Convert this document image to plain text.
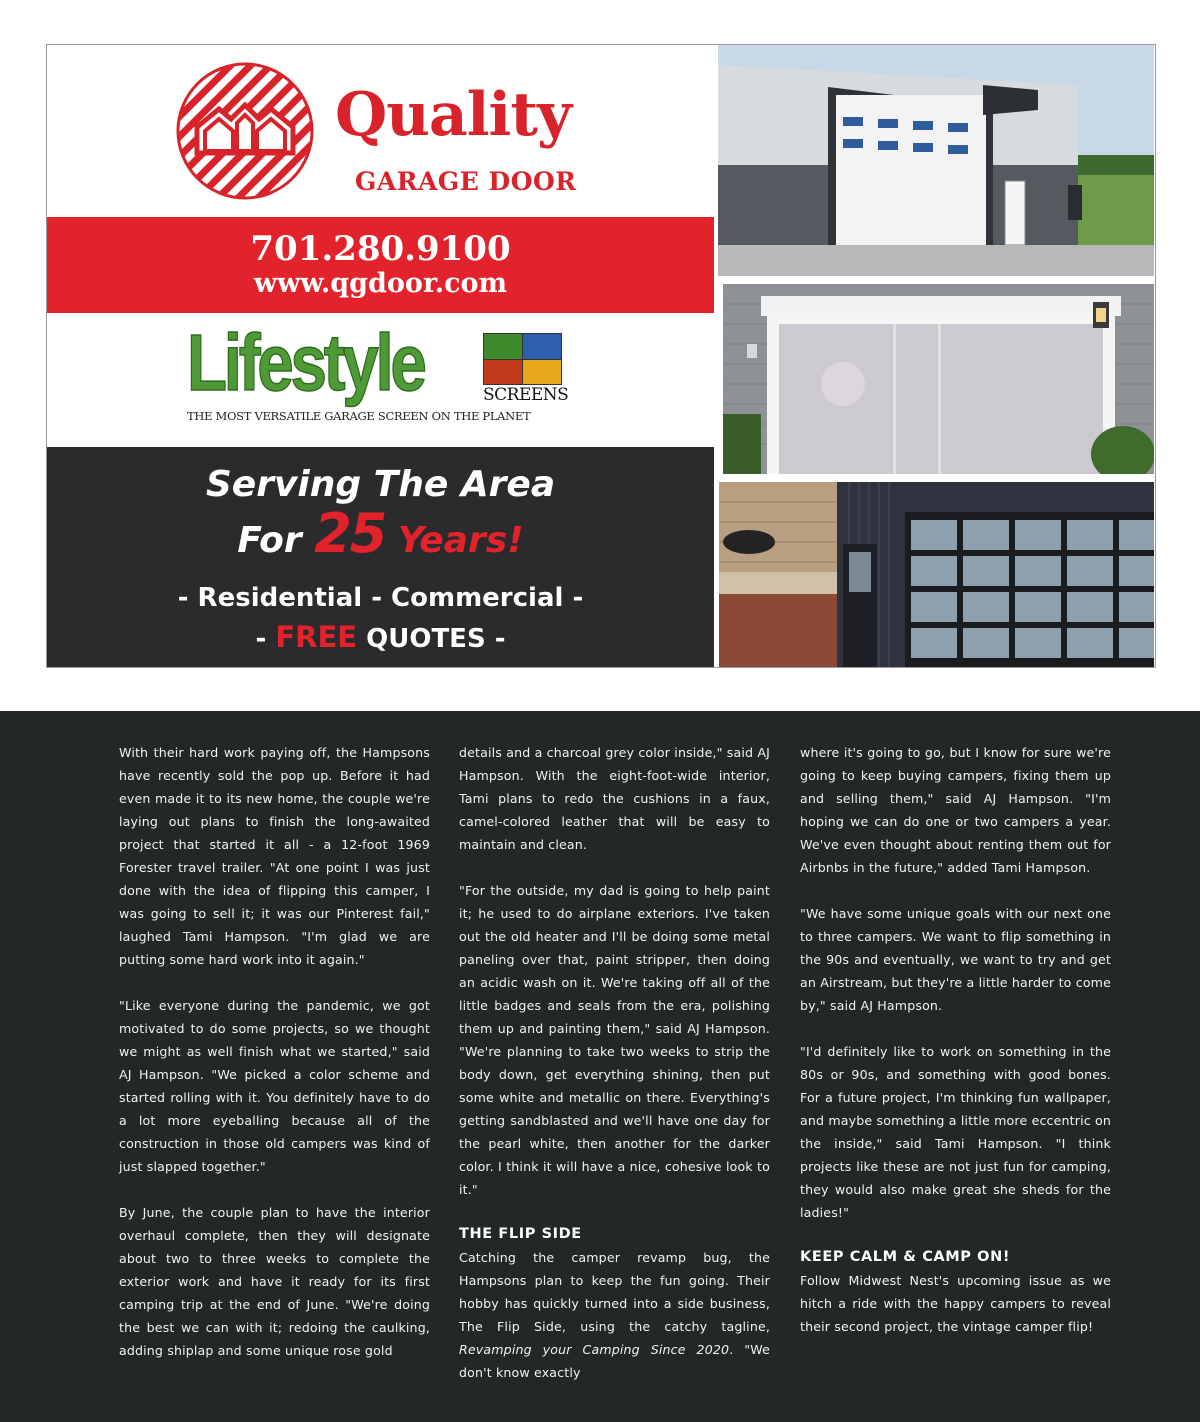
Quality
GARAGE DOOR
701.280.9100
www.qgdoor.com
Lifestyle	SCREENS
THE MOST VERSATILE GARAGE SCREEN ON THE PLANET
Serving The Area
For 25 Years!
- Residential - Commercial -
- FREE QUOTES -

With their hard work paying off, the Hampsons have recently sold the pop up. Before it had even made it to its new home, the couple we're laying out plans to finish the long-awaited project that started it all - a 12-foot 1969 Forester travel trailer. "At one point I was just done with the idea of flipping this camper, I was going to sell it; it was our Pinterest fail," laughed Tami Hampson. "I'm glad we are putting some hard work into it again."

"Like everyone during the pandemic, we got motivated to do some projects, so we thought we might as well finish what we started," said AJ Hampson. "We picked a color scheme and started rolling with it. You definitely have to do a lot more eyeballing because all of the construction in those old campers was kind of just slapped together."

By June, the couple plan to have the interior overhaul complete, then they will designate about two to three weeks to complete the exterior work and have it ready for its first camping trip at the end of June. "We're doing the best we can with it; redoing the caulking, adding shiplap and some unique rose gold

details and a charcoal grey color inside," said AJ Hampson. With the eight-foot-wide interior, Tami plans to redo the cushions in a faux, camel-colored leather that will be easy to maintain and clean.

"For the outside, my dad is going to help paint it; he used to do airplane exteriors. I've taken out the old heater and I'll be doing some metal paneling over that, paint stripper, then doing an acidic wash on it. We're taking off all of the little badges and seals from the era, polishing them up and painting them," said AJ Hampson. "We're planning to take two weeks to strip the body down, get everything shining, then put some white and metallic on there. Everything's getting sandblasted and we'll have one day for the pearl white, then another for the darker color. I think it will have a nice, cohesive look to it."

THE FLIP SIDE

Catching the camper revamp bug, the Hampsons plan to keep the fun going. Their hobby has quickly turned into a side business, The Flip Side, using the catchy tagline, Revamping your Camping Since 2020. "We don't know exactly

where it's going to go, but I know for sure we're going to keep buying campers, fixing them up and selling them," said AJ Hampson. "I'm hoping we can do one or two campers a year. We've even thought about renting them out for Airbnbs in the future," added Tami Hampson.

"We have some unique goals with our next one to three campers. We want to flip something in the 90s and eventually, we want to try and get an Airstream, but they're a little harder to come by," said AJ Hampson.

"I'd definitely like to work on something in the 80s or 90s, and something with good bones. For a future project, I'm thinking fun wallpaper, and maybe something a little more eccentric on the inside," said Tami Hampson. "I think projects like these are not just fun for camping, they would also make great she sheds for the ladies!"

KEEP CALM & CAMP ON!

Follow Midwest Nest's upcoming issue as we hitch a ride with the happy campers to reveal their second project, the vintage camper flip!
